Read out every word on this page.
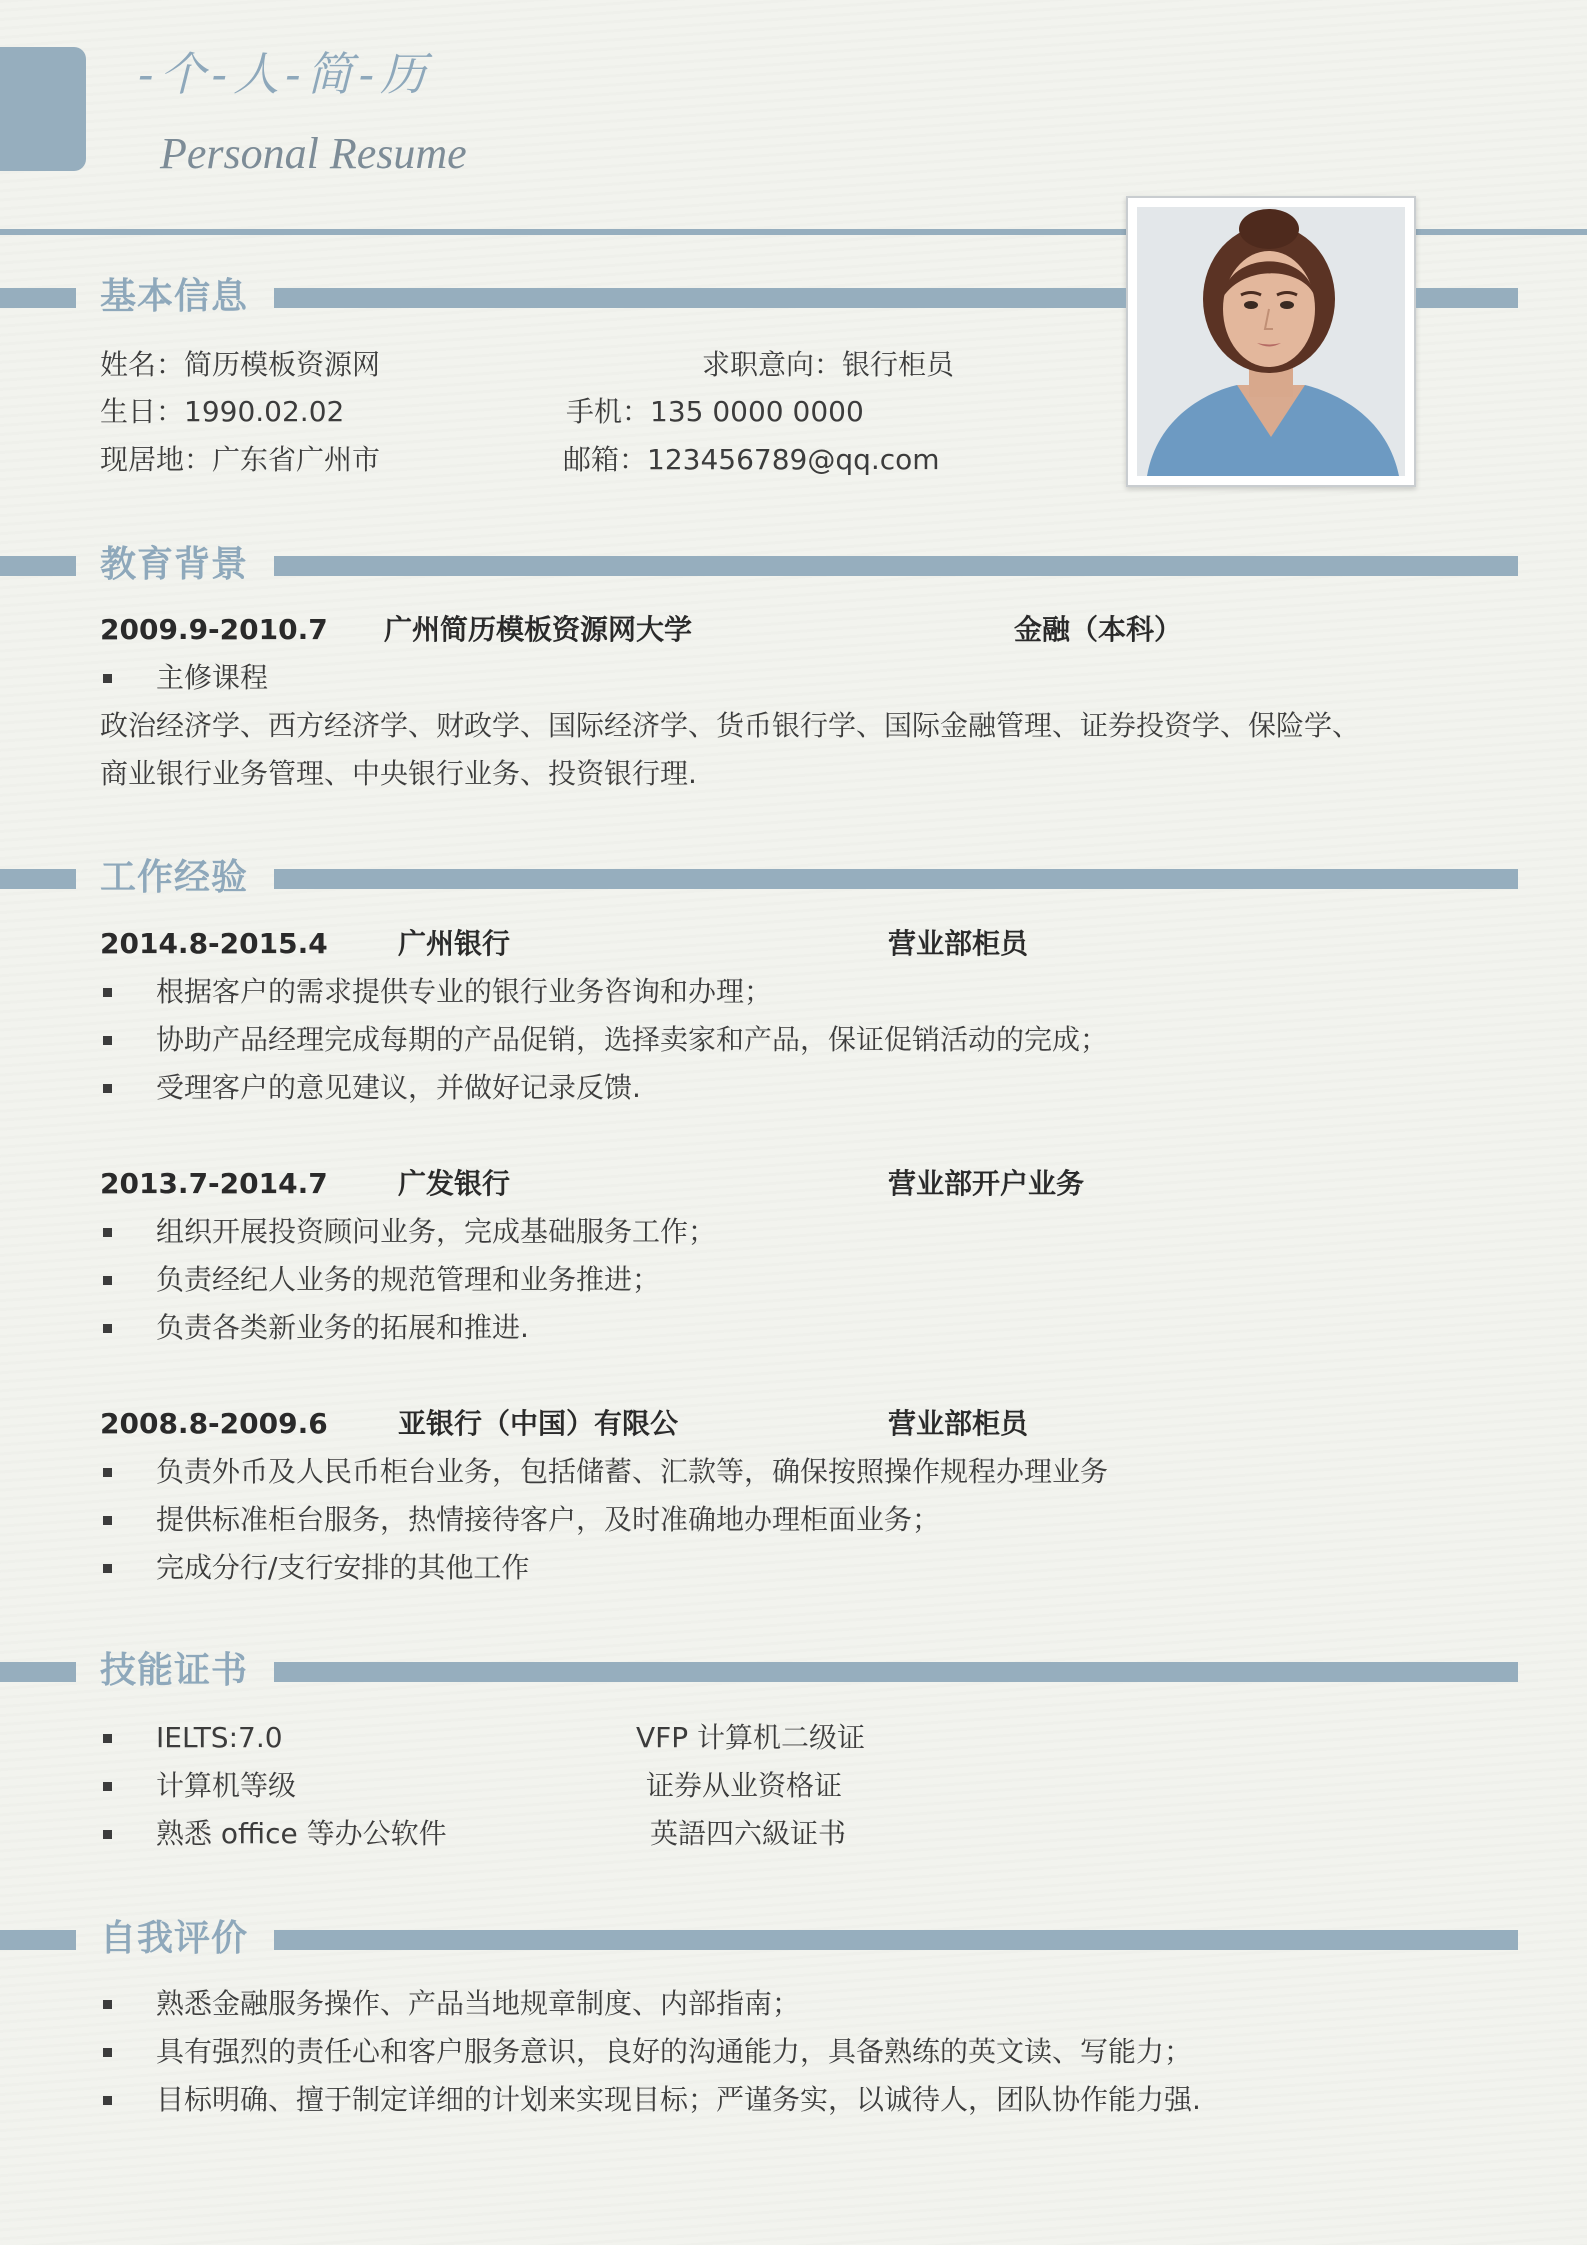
-个-人-简-历
Personal Resume
基本信息
姓名：简历模板资源网	求职意向：银行柜员
生日：1990.02.02	手机：135 0000 0000
现居地：广东省广州市	邮箱：123456789@qq.com
教育背景
2009.9-2010.7 广州简历模板资源网大学	金融（本科）
主修课程
政治经济学、西方经济学、财政学、国际经济学、货币银行学、国际金融管理、证券投资学、保险学、
商业银行业务管理、中央银行业务、投资银行理.
工作经验
2014.8-2015.4	广州银行	营业部柜员
根据客户的需求提供专业的银行业务咨询和办理；
协助产品经理完成每期的产品促销，选择卖家和产品，保证促销活动的完成；
受理客户的意见建议，并做好记录反馈.
2013.7-2014.7	广发银行	营业部开户业务
组织开展投资顾问业务，完成基础服务工作；
负责经纪人业务的规范管理和业务推进；
负责各类新业务的拓展和推进.
2008.8-2009.6	亚银行（中国）有限公	营业部柜员
负责外币及人民币柜台业务，包括储蓄、汇款等，确保按照操作规程办理业务
提供标准柜台服务，热情接待客户，及时准确地办理柜面业务；
完成分行/支行安排的其他工作
技能证书
IELTS:7.0	VFP 计算机二级证
计算机等级	证券从业资格证
熟悉 office 等办公软件	英語四六級证书
自我评价
熟悉金融服务操作、产品当地规章制度、内部指南；
具有强烈的责任心和客户服务意识，良好的沟通能力，具备熟练的英文读、写能力；
目标明确、擅于制定详细的计划来实现目标；严谨务实，以诚待人，团队协作能力强.
